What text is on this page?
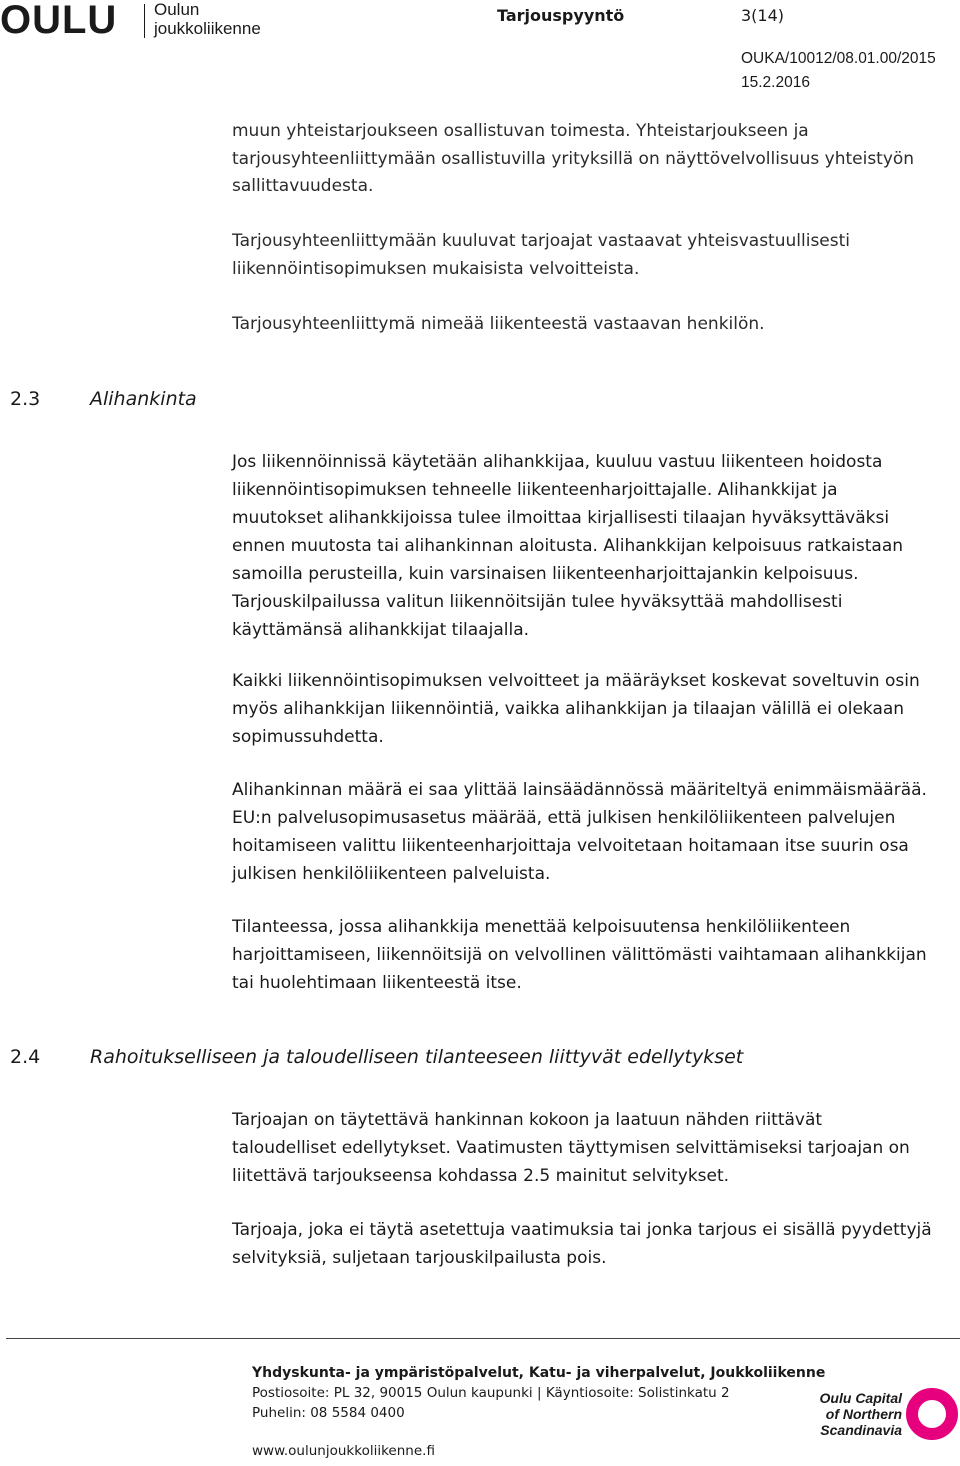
OULU Oulun
joukkoliikenne
Tarjouspyyntö	3(14)
OUKA/10012/08.01.00/2015
15.2.2016
muun yhteistarjoukseen osallistuvan toimesta. Yhteistarjoukseen ja
tarjousyhteenliittymään osallistuvilla yrityksillä on näyttövelvollisuus yhteistyön
sallittavuudesta.
Tarjousyhteenliittymään kuuluvat tarjoajat vastaavat yhteisvastuullisesti
liikennöintisopimuksen mukaisista velvoitteista.
Tarjousyhteenliittymä nimeää liikenteestä vastaavan henkilön.
2.3	Alihankinta
Jos liikennöinnissä käytetään alihankkijaa, kuuluu vastuu liikenteen hoidosta
liikennöintisopimuksen tehneelle liikenteenharjoittajalle. Alihankkijat ja
muutokset alihankkijoissa tulee ilmoittaa kirjallisesti tilaajan hyväksyttäväksi
ennen muutosta tai alihankinnan aloitusta. Alihankkijan kelpoisuus ratkaistaan
samoilla perusteilla, kuin varsinaisen liikenteenharjoittajankin kelpoisuus.
Tarjouskilpailussa valitun liikennöitsijän tulee hyväksyttää mahdollisesti
käyttämänsä alihankkijat tilaajalla.
Kaikki liikennöintisopimuksen velvoitteet ja määräykset koskevat soveltuvin osin
myös alihankkijan liikennöintiä, vaikka alihankkijan ja tilaajan välillä ei olekaan
sopimussuhdetta.
Alihankinnan määrä ei saa ylittää lainsäädännössä määriteltyä enimmäismäärää.
EU:n palvelusopimusasetus määrää, että julkisen henkilöliikenteen palvelujen
hoitamiseen valittu liikenteenharjoittaja velvoitetaan hoitamaan itse suurin osa
julkisen henkilöliikenteen palveluista.
Tilanteessa, jossa alihankkija menettää kelpoisuutensa henkilöliikenteen
harjoittamiseen, liikennöitsijä on velvollinen välittömästi vaihtamaan alihankkijan
tai huolehtimaan liikenteestä itse.
2.4	Rahoitukselliseen ja taloudelliseen tilanteeseen liittyvät edellytykset
Tarjoajan on täytettävä hankinnan kokoon ja laatuun nähden riittävät
taloudelliset edellytykset. Vaatimusten täyttymisen selvittämiseksi tarjoajan on
liitettävä tarjoukseensa kohdassa 2.5 mainitut selvitykset.
Tarjoaja, joka ei täytä asetettuja vaatimuksia tai jonka tarjous ei sisällä pyydettyjä
selvityksiä, suljetaan tarjouskilpailusta pois.
Yhdyskunta- ja ympäristöpalvelut, Katu- ja viherpalvelut, Joukkoliikenne
Postiosoite: PL 32, 90015 Oulun kaupunki | Käyntiosoite: Solistinkatu 2
Puhelin: 08 5584 0400
www.oulunjoukkoliikenne.fi
Oulu Capital
of Northern
Scandinavia
